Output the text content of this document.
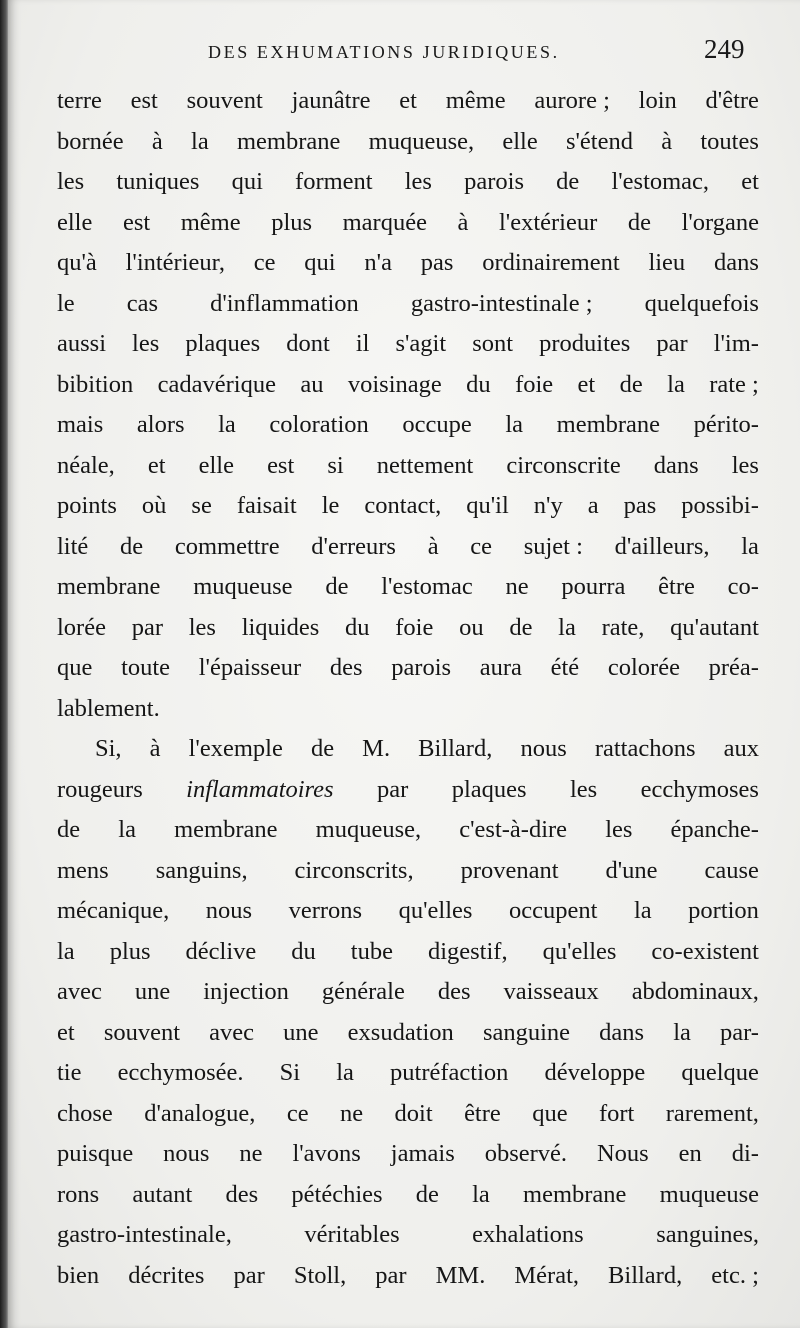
DES EXHUMATIONS JURIDIQUES.	249
terre est souvent jaunâtre et même aurore ; loin d'être
bornée à la membrane muqueuse, elle s'étend à toutes
les tuniques qui forment les parois de l'estomac, et
elle est même plus marquée à l'extérieur de l'organe
qu'à l'intérieur, ce qui n'a pas ordinairement lieu dans
le cas d'inflammation gastro-intestinale ; quelquefois
aussi les plaques dont il s'agit sont produites par l'im-
bibition cadavérique au voisinage du foie et de la rate ;
mais alors la coloration occupe la membrane périto-
néale, et elle est si nettement circonscrite dans les
points où se faisait le contact, qu'il n'y a pas possibi-
lité de commettre d'erreurs à ce sujet : d'ailleurs, la
membrane muqueuse de l'estomac ne pourra être co-
lorée par les liquides du foie ou de la rate, qu'autant
que toute l'épaisseur des parois aura été colorée préa-
lablement.
Si, à l'exemple de M. Billard, nous rattachons aux
rougeurs inflammatoires par plaques les ecchymoses
de la membrane muqueuse, c'est-à-dire les épanche-
mens sanguins, circonscrits, provenant d'une cause
mécanique, nous verrons qu'elles occupent la portion
la plus déclive du tube digestif, qu'elles co-existent
avec une injection générale des vaisseaux abdominaux,
et souvent avec une exsudation sanguine dans la par-
tie ecchymosée. Si la putréfaction développe quelque
chose d'analogue, ce ne doit être que fort rarement,
puisque nous ne l'avons jamais observé. Nous en di-
rons autant des pétéchies de la membrane muqueuse
gastro-intestinale,	véritables	exhalations	sanguines,
bien décrites par Stoll, par MM. Mérat, Billard, etc. ;
